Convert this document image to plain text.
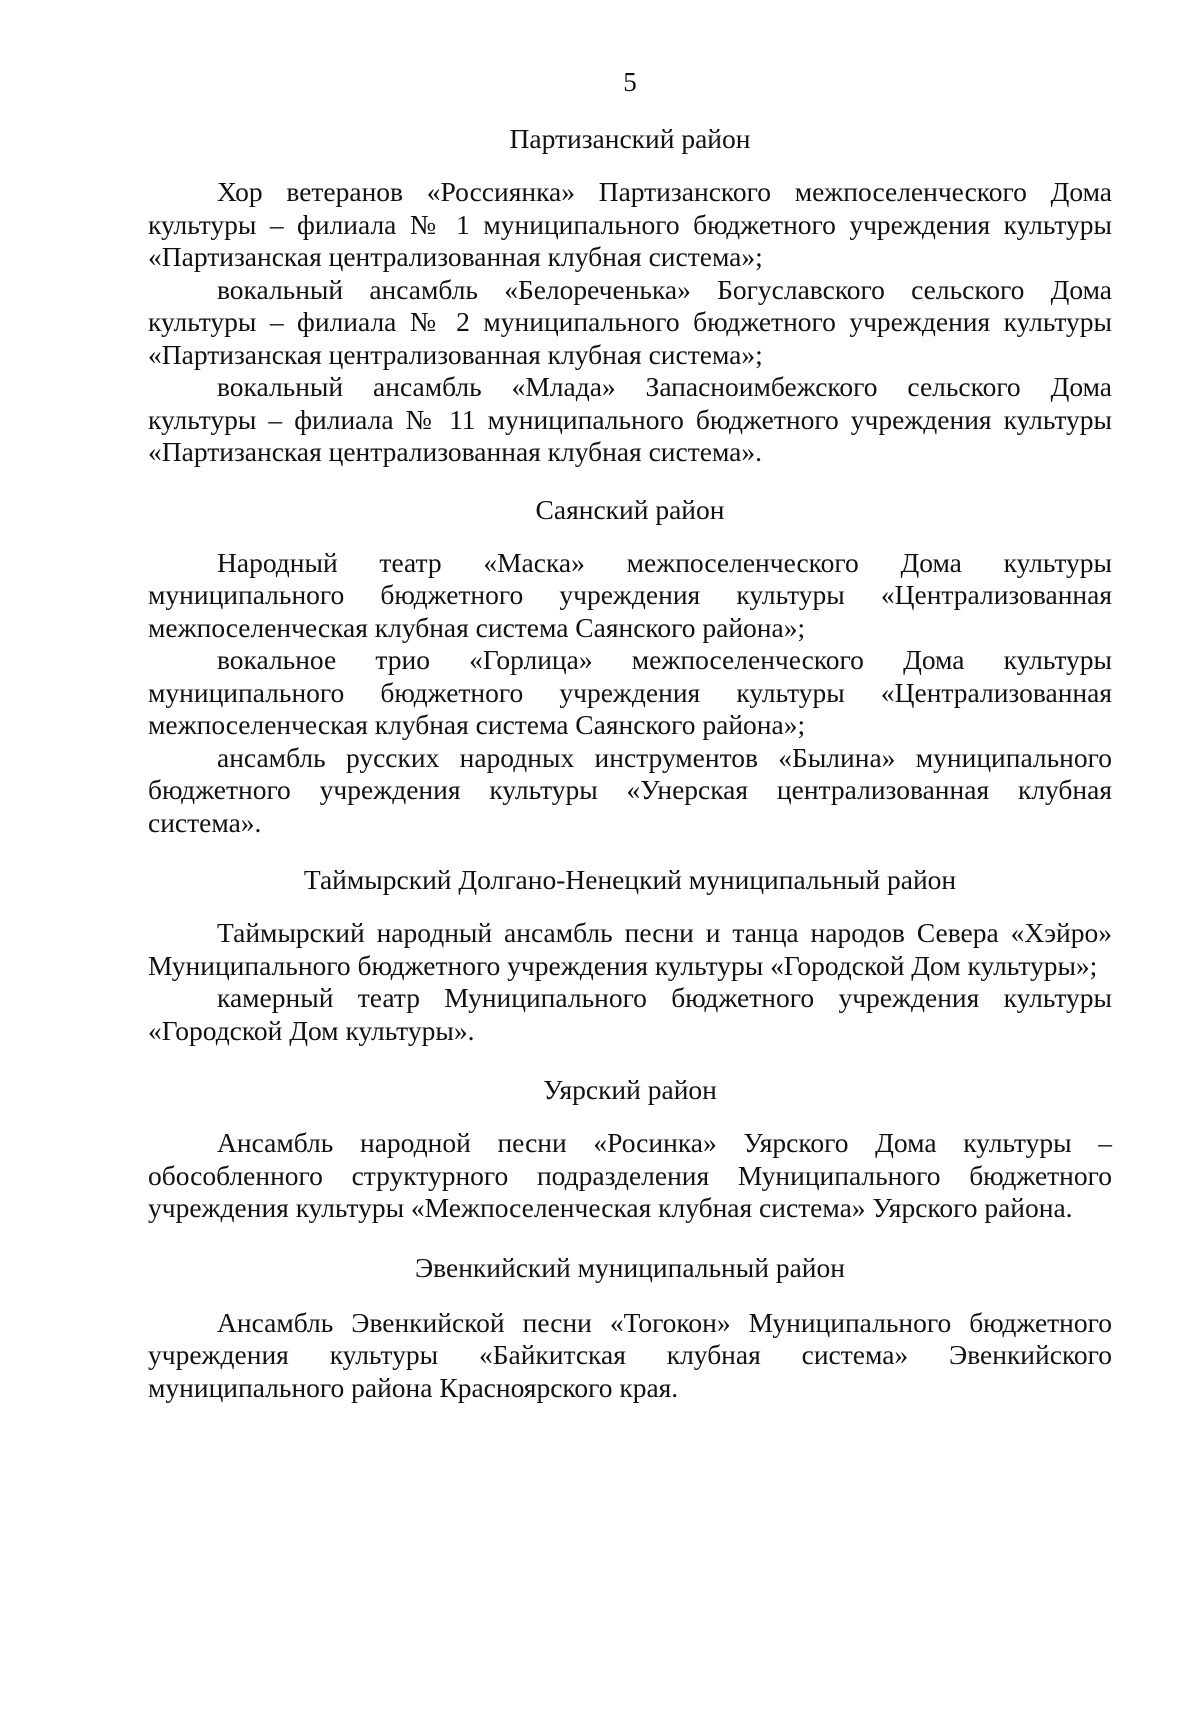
5
Партизанский район

Хор ветеранов «Россиянка» Партизанского межпоселенческого Дома культуры – филиала № 1 муниципального бюджетного учреждения культуры «Партизанская централизованная клубная система»;

вокальный ансамбль «Белореченька» Богуславского сельского Дома культуры – филиала № 2 муниципального бюджетного учреждения культуры «Партизанская централизованная клубная система»;

вокальный ансамбль «Млада» Запасноимбежского сельского Дома культуры – филиала № 11 муниципального бюджетного учреждения культуры «Партизанская централизованная клубная система».

Саянский район

Народный театр «Маска» межпоселенческого Дома культуры муниципального бюджетного учреждения культуры «Централизованная межпоселенческая клубная система Саянского района»;

вокальное трио «Горлица» межпоселенческого Дома культуры муниципального бюджетного учреждения культуры «Централизованная межпоселенческая клубная система Саянского района»;

ансамбль русских народных инструментов «Былина» муниципального бюджетного учреждения культуры «Унерская централизованная клубная система».

Таймырский Долгано-Ненецкий муниципальный район

Таймырский народный ансамбль песни и танца народов Севера «Хэйро» Муниципального бюджетного учреждения культуры «Городской Дом культуры»;

камерный театр Муниципального бюджетного учреждения культуры «Городской Дом культуры».

Уярский район

Ансамбль народной песни «Росинка» Уярского Дома культуры – обособленного структурного подразделения Муниципального бюджетного учреждения культуры «Межпоселенческая клубная система» Уярского района.

Эвенкийский муниципальный район

Ансамбль Эвенкийской песни «Тогокон» Муниципального бюджетного учреждения культуры «Байкитская клубная система» Эвенкийского муниципального района Красноярского края.
